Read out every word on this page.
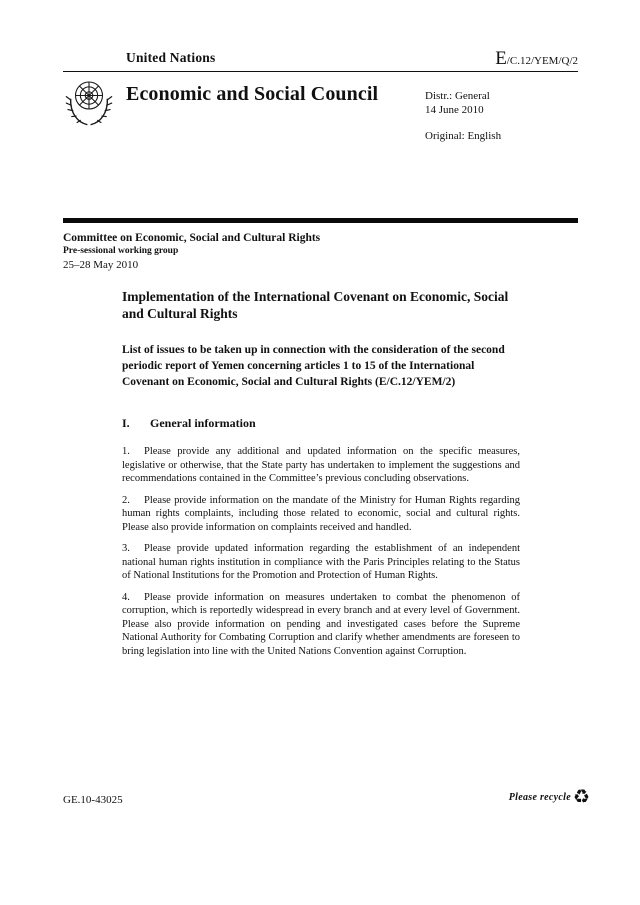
United Nations	E/C.12/YEM/Q/2
Economic and Social Council	Distr.: General
14 June 2010
Original: English
Committee on Economic, Social and Cultural Rights
Pre-sessional working group
25–28 May 2010
Implementation of the International Covenant on Economic, Social and Cultural Rights

List of issues to be taken up in connection with the consideration of the second periodic report of Yemen concerning articles 1 to 15 of the International Covenant on Economic, Social and Cultural Rights (E/C.12/YEM/2)

I. General information

1. Please provide any additional and updated information on the specific measures, legislative or otherwise, that the State party has undertaken to implement the suggestions and recommendations contained in the Committee’s previous concluding observations.

2. Please provide information on the mandate of the Ministry for Human Rights regarding human rights complaints, including those related to economic, social and cultural rights. Please also provide information on complaints received and handled.

3. Please provide updated information regarding the establishment of an independent national human rights institution in compliance with the Paris Principles relating to the Status of National Institutions for the Promotion and Protection of Human Rights.

4. Please provide information on measures undertaken to combat the phenomenon of corruption, which is reportedly widespread in every branch and at every level of Government. Please also provide information on pending and investigated cases before the Supreme National Authority for Combating Corruption and clarify whether amendments are foreseen to bring legislation into line with the United Nations Convention against Corruption.

GE.10-43025	Please recycle ♻
